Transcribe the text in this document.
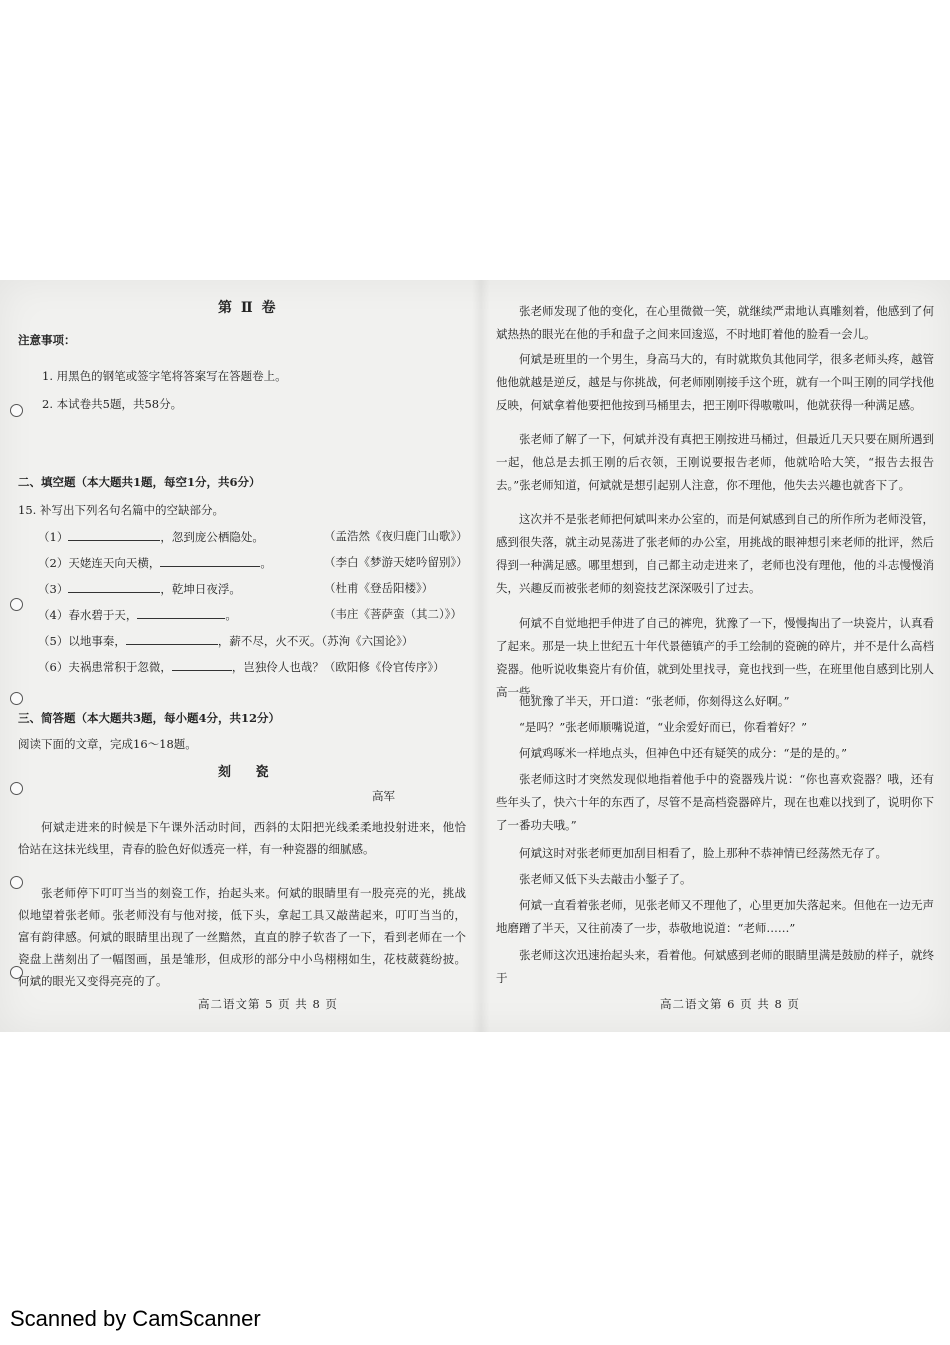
第 Ⅱ 卷
注意事项：
1. 用黑色的钢笔或签字笔将答案写在答题卷上。
2. 本试卷共5题，共58分。
二、填空题（本大题共1题，每空1分，共6分）
15. 补写出下列名句名篇中的空缺部分。
（1）	，忽到庞公栖隐处。	（孟浩然《夜归鹿门山歌》）
（2）天姥连天向天横，	。	（李白《梦游天姥吟留别》）
（3）	，乾坤日夜浮。	（杜甫《登岳阳楼》）
（4）春水碧于天，	。	（韦庄《菩萨蛮（其二）》）
（5）以地事秦，	，薪不尽，火不灭。（苏洵《六国论》）
（6）夫祸患常积于忽微，	，岂独伶人也哉？（欧阳修《伶官传序》）
三、简答题（本大题共3题，每小题4分，共12分）
阅读下面的文章，完成16～18题。
刻 瓷
高军
何斌走进来的时候是下午课外活动时间，西斜的太阳把光线柔柔地投射进来，他恰恰站在这抹光线里，青春的脸色好似透亮一样，有一种瓷器的细腻感。
张老师停下叮叮当当的刻瓷工作，抬起头来。何斌的眼睛里有一股亮亮的光，挑战似地望着张老师。张老师没有与他对接，低下头，拿起工具又敲凿起来，叮叮当当的，富有韵律感。何斌的眼睛里出现了一丝黯然，直直的脖子软沓了一下，看到老师在一个瓷盘上凿刻出了一幅图画，虽是雏形，但成形的部分中小鸟栩栩如生，花枝葳蕤纷披。何斌的眼光又变得亮亮的了。
高二语文第 5 页 共 8 页
张老师发现了他的变化，在心里微微一笑，就继续严肃地认真雕刻着，他感到了何斌热热的眼光在他的手和盘子之间来回逡巡，不时地盯着他的脸看一会儿。
何斌是班里的一个男生，身高马大的，有时就欺负其他同学，很多老师头疼，越管他他就越是逆反，越是与你挑战，何老师刚刚接手这个班，就有一个叫王刚的同学找他反映，何斌拿着他要把他按到马桶里去，把王刚吓得嗷嗷叫，他就获得一种满足感。
张老师了解了一下，何斌并没有真把王刚按进马桶过，但最近几天只要在厕所遇到一起，他总是去抓王刚的后衣领，王刚说要报告老师，他就哈哈大笑，“报告去报告去。”张老师知道，何斌就是想引起别人注意，你不理他，他失去兴趣也就沓下了。
这次并不是张老师把何斌叫来办公室的，而是何斌感到自己的所作所为老师没管，感到很失落，就主动晃荡进了张老师的办公室，用挑战的眼神想引来老师的批评，然后得到一种满足感。哪里想到，自己都主动走进来了，老师也没有理他，他的斗志慢慢消失，兴趣反而被张老师的刻瓷技艺深深吸引了过去。
何斌不自觉地把手伸进了自己的裤兜，犹豫了一下，慢慢掏出了一块瓷片，认真看了起来。那是一块上世纪五十年代景德镇产的手工绘制的瓷碗的碎片，并不是什么高档瓷器。他听说收集瓷片有价值，就到处里找寻，竟也找到一些，在班里他自感到比别人高一些。
他犹豫了半天，开口道：“张老师，你刻得这么好啊。”
“是吗？”张老师顺嘴说道，“业余爱好而已，你看着好？”
何斌鸡啄米一样地点头，但神色中还有疑笑的成分：“是的是的。”
张老师这时才突然发现似地指着他手中的瓷器残片说：“你也喜欢瓷器？哦，还有些年头了，快六十年的东西了，尽管不是高档瓷器碎片，现在也难以找到了，说明你下了一番功夫哦。”
何斌这时对张老师更加刮目相看了，脸上那种不恭神情已经荡然无存了。
张老师又低下头去敲击小錾子了。
何斌一直看着张老师，见张老师又不理他了，心里更加失落起来。但他在一边无声地磨蹭了半天，又往前凑了一步，恭敬地说道：“老师……”
张老师这次迅速抬起头来，看着他。何斌感到老师的眼睛里满是鼓励的样子，就终于
高二语文第 6 页 共 8 页
Scanned by CamScanner
